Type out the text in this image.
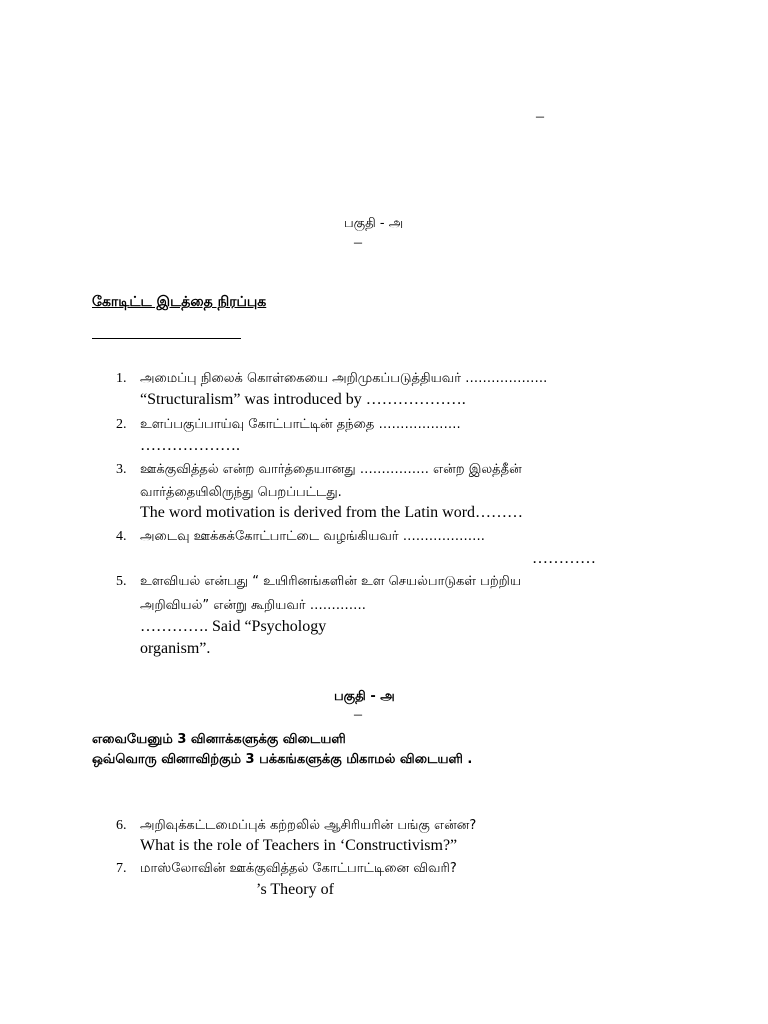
–
பகுதி - அ
–
கோடிட்ட இடத்தை நிரப்புக
1. அமைப்பு நிலைக் கொள்கையை அறிமுகப்படுத்தியவர் ……………….
“Structuralism” was introduced by ……………….
2. உளப்பகுப்பாய்வு கோட்பாட்டின் தந்தை ……………….
……………….
3. ஊக்குவித்தல் என்ற வார்த்தையானது ……………. என்ற இலத்தீன்
வார்த்தையிலிருந்து பெறப்பட்டது.
The word motivation is derived from the Latin word………
4. அடைவு ஊக்கக்கோட்பாட்டை வழங்கியவர் ……………….
…………
5. உளவியல் என்பது “ உயிரினங்களின் உள செயல்பாடுகள் பற்றிய
அறிவியல்” என்று கூறியவர் ………….
…………. Said “Psychology
organism”.
பகுதி - அ
–
எவையேனும் 3 வினாக்களுக்கு விடையளி
ஒவ்வொரு வினாவிற்கும் 3 பக்கங்களுக்கு மிகாமல் விடையளி .
6. அறிவுக்கட்டமைப்புக் கற்றலில் ஆசிரியரின் பங்கு என்ன?
What is the role of Teachers in ‘Constructivism?”
7. மாஸ்லோவின் ஊக்குவித்தல் கோட்பாட்டினை விவரி?
’s Theory of
